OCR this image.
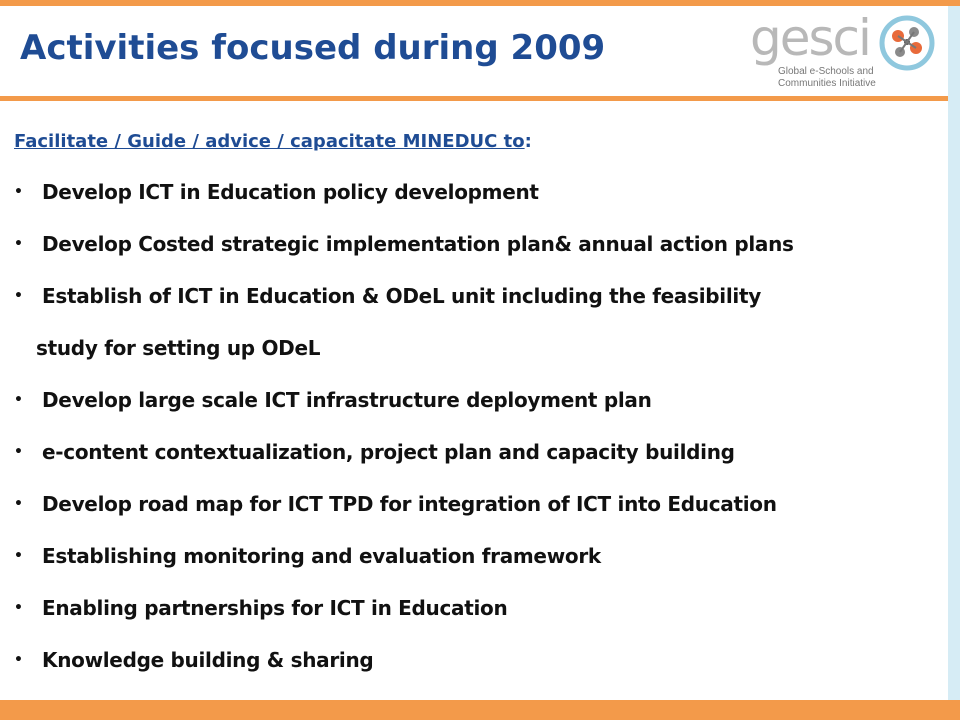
Activities focused during 2009	gesci
Global e-Schools and
Communities Initiative

Facilitate / Guide / advice / capacitate MINEDUC to:

• Develop ICT in Education policy development
• Develop Costed strategic implementation plan& annual action plans
• Establish of ICT in Education & ODeL unit including the feasibility
study for setting up ODeL
• Develop large scale ICT infrastructure deployment plan
• e-content contextualization, project plan and capacity building
• Develop road map for ICT TPD for integration of ICT into Education
• Establishing monitoring and evaluation framework
• Enabling partnerships for ICT in Education
• Knowledge building & sharing
